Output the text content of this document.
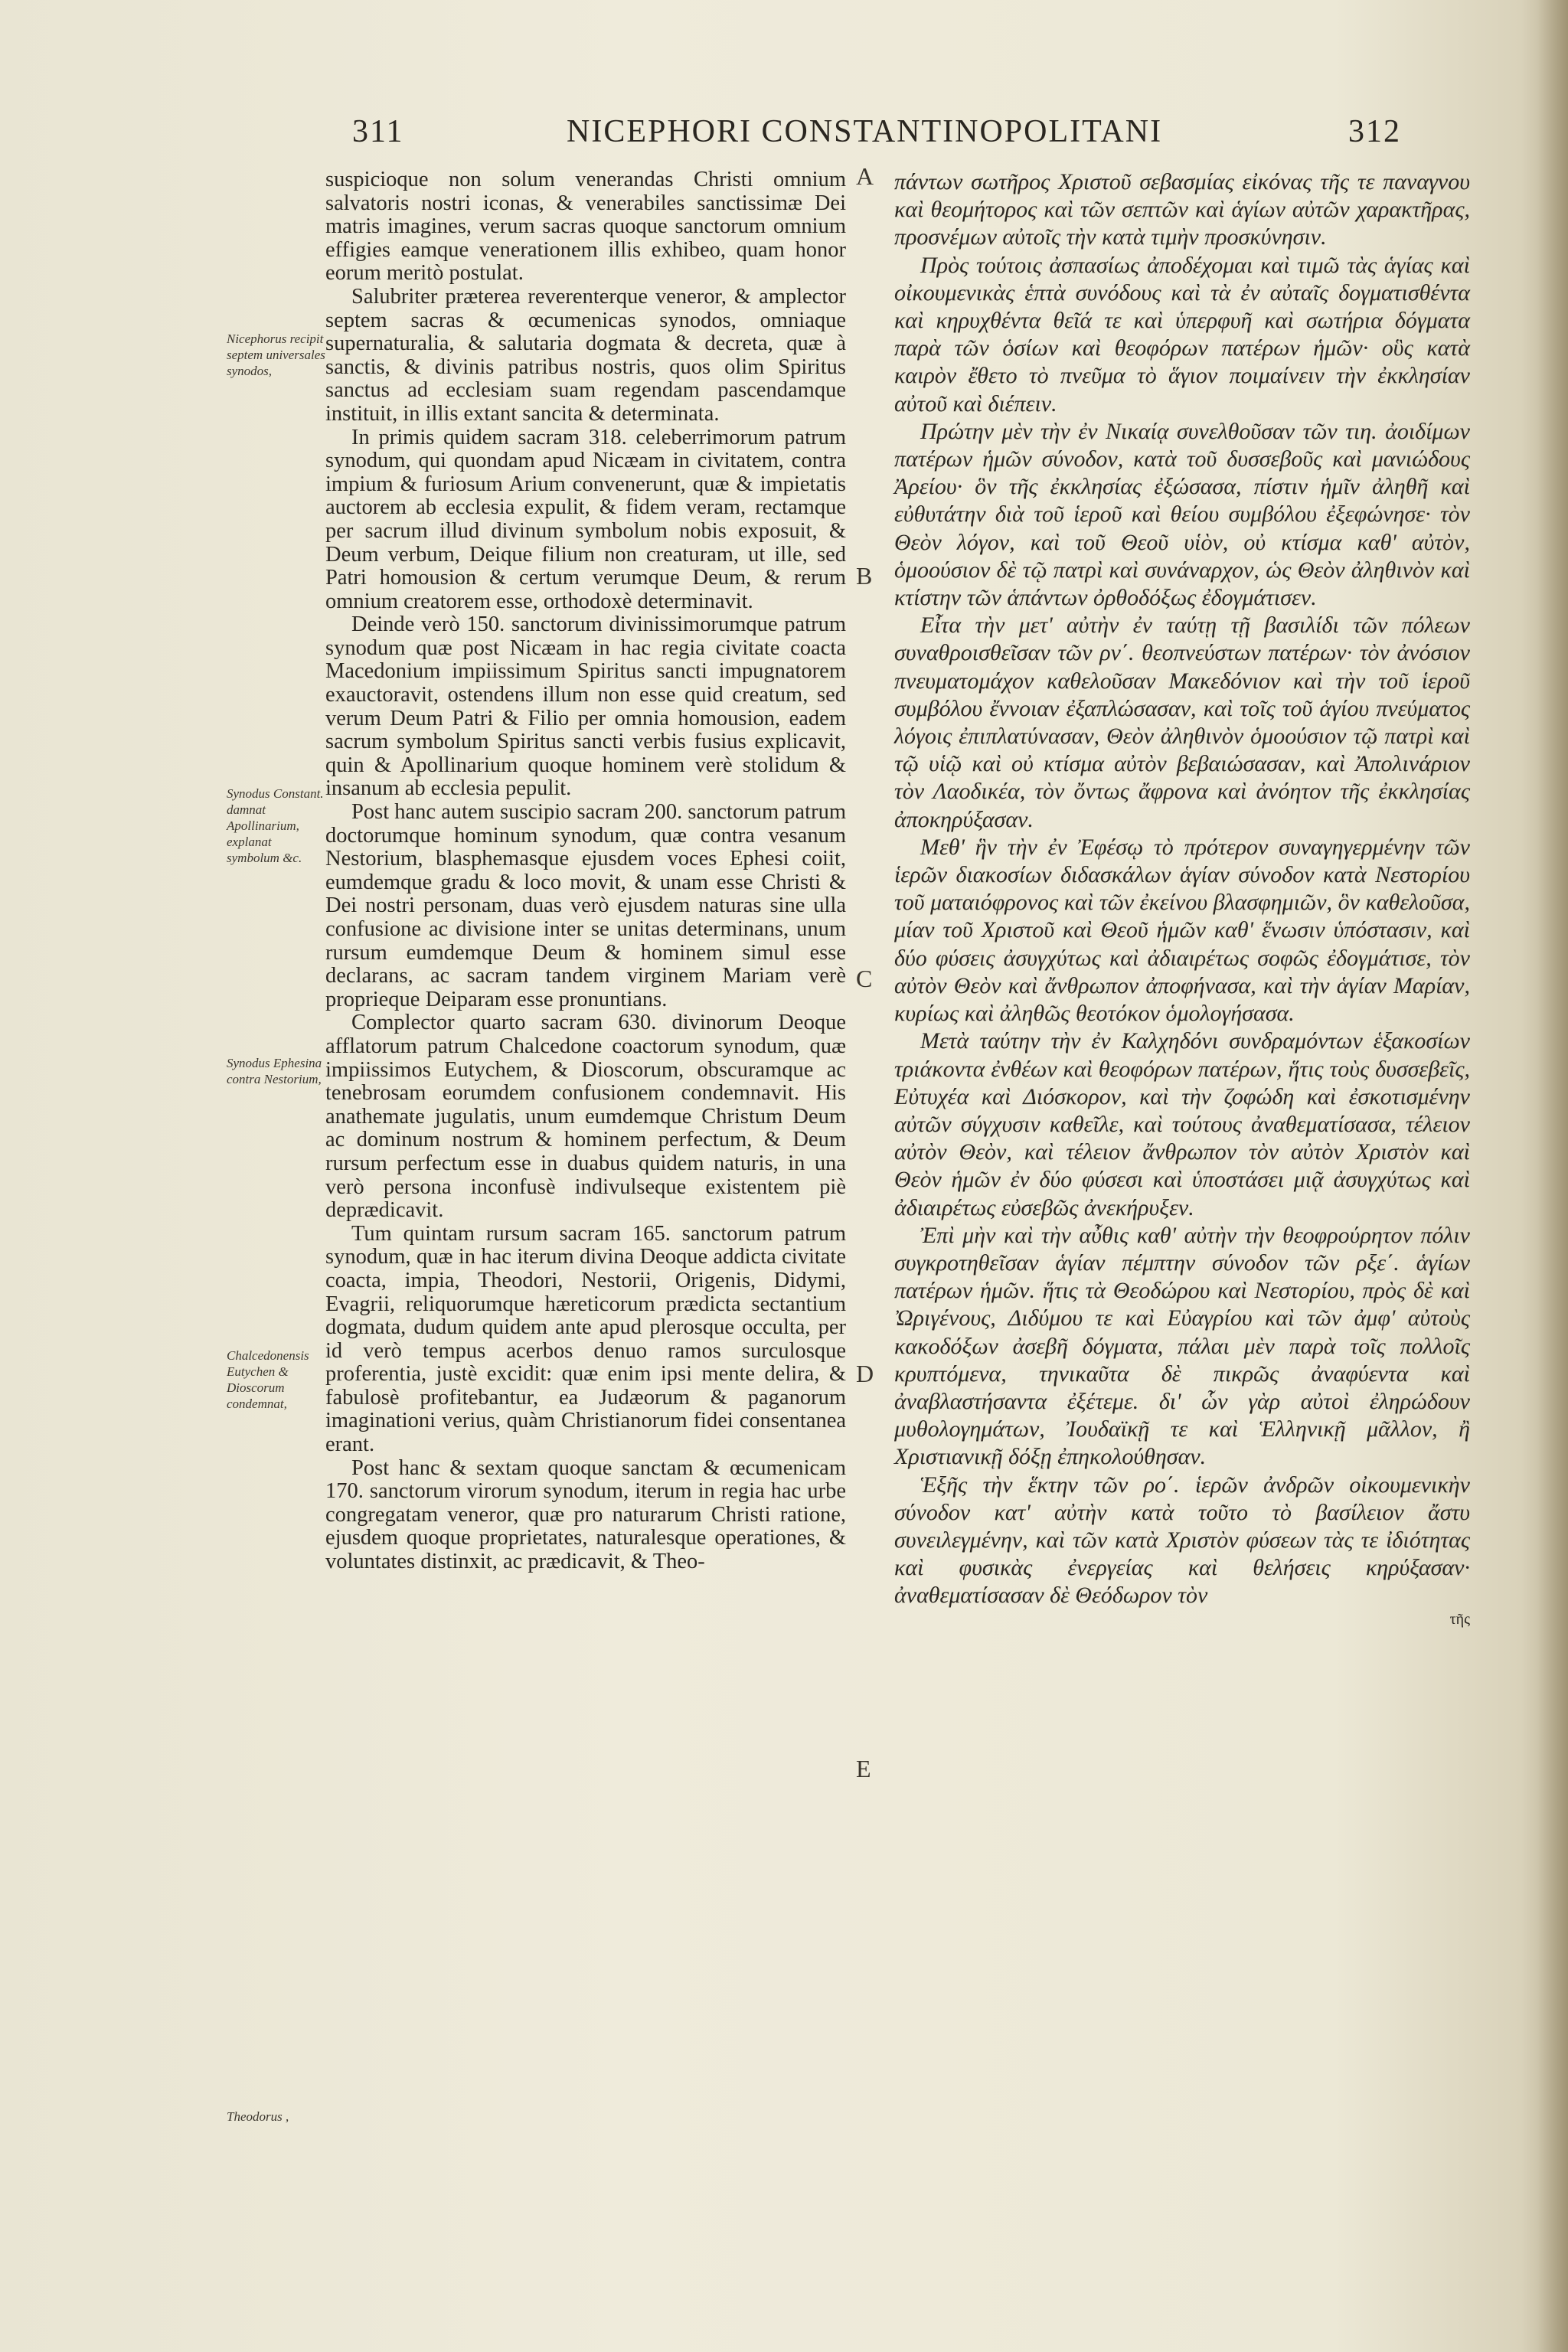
311	NICEPHORI CONSTANTINOPOLITANI	312
Nicephorus recipit septem universales synodos,
Synodus Constant. damnat Apollinarium, explanat symbolum &c.
Synodus Ephesina contra Nestorium,
Chalcedonensis Eutychen & Dioscorum condemnat,
Theodorus ,
A
B
C
D
E

suspicioque non solum venerandas Christi omnium salvatoris nostri iconas, & venerabiles sanctissimæ Dei matris imagines, verum sacras quoque sanctorum omnium effigies eamque venerationem illis exhibeo, quam honor eorum meritò postulat.

Salubriter præterea reverenterque veneror, & amplector septem sacras & œcumenicas synodos, omniaque supernaturalia, & salutaria dogmata & decreta, quæ à sanctis, & divinis patribus nostris, quos olim Spiritus sanctus ad ecclesiam suam regendam pascendamque instituit, in illis extant sancita & determinata.

In primis quidem sacram 318. celeberrimorum patrum synodum, qui quondam apud Nicæam in civitatem, contra impium & furiosum Arium convenerunt, quæ & impietatis auctorem ab ecclesia expulit, & fidem veram, rectamque per sacrum illud divinum symbolum nobis exposuit, & Deum verbum, Deique filium non creaturam, ut ille, sed Patri homousion & certum verumque Deum, & rerum omnium creatorem esse, orthodoxè determinavit.

Deinde verò 150. sanctorum divinissimorumque patrum synodum quæ post Nicæam in hac regia civitate coacta Macedonium impiissimum Spiritus sancti impugnatorem exauctoravit, ostendens illum non esse quid creatum, sed verum Deum Patri & Filio per omnia homousion, eadem sacrum symbolum Spiritus sancti verbis fusius explicavit, quin & Apollinarium quoque hominem verè stolidum & insanum ab ecclesia pepulit.

Post hanc autem suscipio sacram 200. sanctorum patrum doctorumque hominum synodum, quæ contra vesanum Nestorium, blasphemasque ejusdem voces Ephesi coiit, eumdemque gradu & loco movit, & unam esse Christi & Dei nostri personam, duas verò ejusdem naturas sine ulla confusione ac divisione inter se unitas determinans, unum rursum eumdemque Deum & hominem simul esse declarans, ac sacram tandem virginem Mariam verè proprieque Deiparam esse pronuntians.

Complector quarto sacram 630. divinorum Deoque afflatorum patrum Chalcedone coactorum synodum, quæ impiissimos Eutychem, & Dioscorum, obscuramque ac tenebrosam eorumdem confusionem condemnavit. His anathemate jugulatis, unum eumdemque Christum Deum ac dominum nostrum & hominem perfectum, & Deum rursum perfectum esse in duabus quidem naturis, in una verò persona inconfusè indivulseque existentem piè deprædicavit.

Tum quintam rursum sacram 165. sanctorum patrum synodum, quæ in hac iterum divina Deoque addicta civitate coacta, impia, Theodori, Nestorii, Origenis, Didymi, Evagrii, reliquorumque hæreticorum prædicta sectantium dogmata, dudum quidem ante apud plerosque occulta, per id verò tempus acerbos denuo ramos surculosque proferentia, justè excidit: quæ enim ipsi mente delira, & fabulosè profitebantur, ea Judæorum & paganorum imaginationi verius, quàm Christianorum fidei consentanea erant.

Post hanc & sextam quoque sanctam & œcumenicam 170. sanctorum virorum synodum, iterum in regia hac urbe congregatam veneror, quæ pro naturarum Christi ratione, ejusdem quoque proprietates, naturalesque operationes, & voluntates distinxit, ac prædicavit, & Theo-

πάντων σωτῆρος Χριστοῦ σεβασμίας εἰκόνας τῆς τε παναγνου καὶ θεομήτορος καὶ τῶν σεπτῶν καὶ ἁγίων αὐτῶν χαρακτῆρας, προσνέμων αὐτοῖς τὴν κατὰ τιμὴν προσκύνησιν.

Πρὸς τούτοις ἀσπασίως ἀποδέχομαι καὶ τιμῶ τὰς ἁγίας καὶ οἰκουμενικὰς ἑπτὰ συνόδους καὶ τὰ ἐν αὐταῖς δογματισθέντα καὶ κηρυχθέντα θεῖά τε καὶ ὑπερφυῆ καὶ σωτήρια δόγματα παρὰ τῶν ὁσίων καὶ θεοφόρων πατέρων ἡμῶν· οὓς κατὰ καιρὸν ἔθετο τὸ πνεῦμα τὸ ἅγιον ποιμαίνειν τὴν ἐκκλησίαν αὐτοῦ καὶ διέπειν.

Πρώτην μὲν τὴν ἐν Νικαίᾳ συνελθοῦσαν τῶν τιη. ἀοιδίμων πατέρων ἡμῶν σύνοδον, κατὰ τοῦ δυσσεβοῦς καὶ μανιώδους Ἀρείου· ὃν τῆς ἐκκλησίας ἐξώσασα, πίστιν ἡμῖν ἀληθῆ καὶ εὐθυτάτην διὰ τοῦ ἱεροῦ καὶ θείου συμβόλου ἐξεφώνησε· τὸν Θεὸν λόγον, καὶ τοῦ Θεοῦ υἱὸν, οὐ κτίσμα καθ' αὐτὸν, ὁμοούσιον δὲ τῷ πατρὶ καὶ συνάναρχον, ὡς Θεὸν ἀληθινὸν καὶ κτίστην τῶν ἁπάντων ὀρθοδόξως ἐδογμάτισεν.

Εἶτα τὴν μετ' αὐτὴν ἐν ταύτῃ τῇ βασιλίδι τῶν πόλεων συναθροισθεῖσαν τῶν ρν΄. θεοπνεύστων πατέρων· τὸν ἀνόσιον πνευματομάχον καθελοῦσαν Μακεδόνιον καὶ τὴν τοῦ ἱεροῦ συμβόλου ἔννοιαν ἐξαπλώσασαν, καὶ τοῖς τοῦ ἁγίου πνεύματος λόγοις ἐπιπλατύνασαν, Θεὸν ἀληθινὸν ὁμοούσιον τῷ πατρὶ καὶ τῷ υἱῷ καὶ οὐ κτίσμα αὐτὸν βεβαιώσασαν, καὶ Ἀπολινάριον τὸν Λαοδικέα, τὸν ὄντως ἄφρονα καὶ ἀνόητον τῆς ἐκκλησίας ἀποκηρύξασαν.

Μεθ' ἣν τὴν ἐν Ἐφέσῳ τὸ πρότερον συναγηγερμένην τῶν ἱερῶν διακοσίων διδασκάλων ἁγίαν σύνοδον κατὰ Νεστορίου τοῦ ματαιόφρονος καὶ τῶν ἐκείνου βλασφημιῶν, ὃν καθελοῦσα, μίαν τοῦ Χριστοῦ καὶ Θεοῦ ἡμῶν καθ' ἕνωσιν ὑπόστασιν, καὶ δύο φύσεις ἀσυγχύτως καὶ ἀδιαιρέτως σοφῶς ἐδογμάτισε, τὸν αὐτὸν Θεὸν καὶ ἄνθρωπον ἀποφήνασα, καὶ τὴν ἁγίαν Μαρίαν, κυρίως καὶ ἀληθῶς θεοτόκον ὁμολογήσασα.

Μετὰ ταύτην τὴν ἐν Καλχηδόνι συνδραμόντων ἑξακοσίων τριάκοντα ἐνθέων καὶ θεοφόρων πατέρων, ἥτις τοὺς δυσσεβεῖς, Εὐτυχέα καὶ Διόσκορον, καὶ τὴν ζοφώδη καὶ ἐσκοτισμένην αὐτῶν σύγχυσιν καθεῖλε, καὶ τούτους ἀναθεματίσασα, τέλειον αὐτὸν Θεὸν, καὶ τέλειον ἄνθρωπον τὸν αὐτὸν Χριστὸν καὶ Θεὸν ἡμῶν ἐν δύο φύσεσι καὶ ὑποστάσει μιᾷ ἀσυγχύτως καὶ ἀδιαιρέτως εὐσεβῶς ἀνεκήρυξεν.

Ἐπὶ μὴν καὶ τὴν αὖθις καθ' αὐτὴν τὴν θεοφρούρητον πόλιν συγκροτηθεῖσαν ἁγίαν πέμπτην σύνοδον τῶν ρξε΄. ἁγίων πατέρων ἡμῶν. ἥτις τὰ Θεοδώρου καὶ Νεστορίου, πρὸς δὲ καὶ Ὠριγένους, Διδύμου τε καὶ Εὐαγρίου καὶ τῶν ἀμφ' αὐτοὺς κακοδόξων ἀσεβῆ δόγματα, πάλαι μὲν παρὰ τοῖς πολλοῖς κρυπτόμενα, τηνικαῦτα δὲ πικρῶς ἀναφύεντα καὶ ἀναβλαστήσαντα ἐξέτεμε. δι' ὧν γὰρ αὐτοὶ ἐληρώδουν μυθολογημάτων, Ἰουδαϊκῇ τε καὶ Ἑλληνικῇ μᾶλλον, ἢ Χριστιανικῇ δόξῃ ἐπηκολούθησαν.

Ἑξῆς τὴν ἕκτην τῶν ρο΄. ἱερῶν ἀνδρῶν οἰκουμενικὴν σύνοδον κατ' αὐτὴν κατὰ τοῦτο τὸ βασίλειον ἄστυ συνειλεγμένην, καὶ τῶν κατὰ Χριστὸν φύσεων τὰς τε ἰδιότητας καὶ φυσικὰς ἐνεργείας καὶ θελήσεις κηρύξασαν· ἀναθεματίσασαν δὲ Θεόδωρον τὸν

τῆς
